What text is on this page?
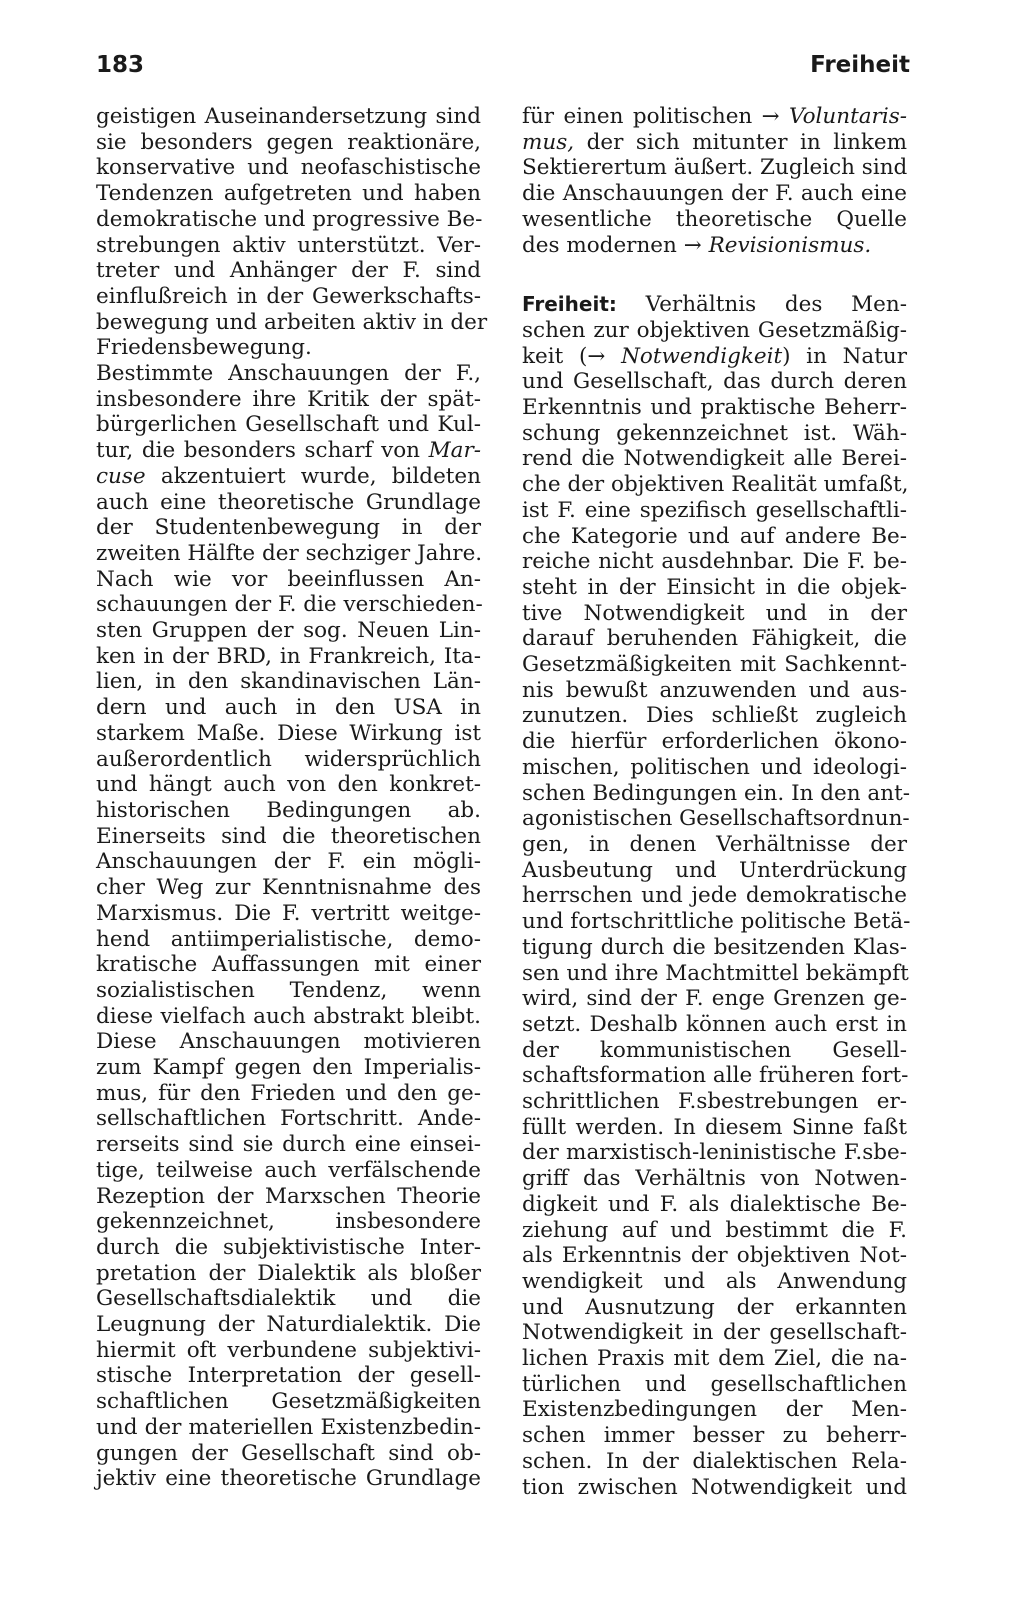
183	Freiheit
geistigen Auseinandersetzung sind
sie besonders gegen reaktionäre,
konservative und neofaschistische
Tendenzen aufgetreten und haben
demokratische und progressive Be-
strebungen aktiv unterstützt. Ver-
treter und Anhänger der F. sind
einflußreich in der Gewerkschafts-
bewegung und arbeiten aktiv in der
Friedensbewegung.
Bestimmte Anschauungen der F.,
insbesondere ihre Kritik der spät-
bürgerlichen Gesellschaft und Kul-
tur, die besonders scharf von Mar-
cuse akzentuiert wurde, bildeten
auch eine theoretische Grundlage
der Studentenbewegung in der
zweiten Hälfte der sechziger Jahre.
Nach wie vor beeinflussen An-
schauungen der F. die verschieden-
sten Gruppen der sog. Neuen Lin-
ken in der BRD, in Frankreich, Ita-
lien, in den skandinavischen Län-
dern und auch in den USA in
starkem Maße. Diese Wirkung ist
außerordentlich widersprüchlich
und hängt auch von den konkret-
historischen Bedingungen ab.
Einerseits sind die theoretischen
Anschauungen der F. ein mögli-
cher Weg zur Kenntnisnahme des
Marxismus. Die F. vertritt weitge-
hend antiimperialistische, demo-
kratische Auffassungen mit einer
sozialistischen Tendenz, wenn
diese vielfach auch abstrakt bleibt.
Diese Anschauungen motivieren
zum Kampf gegen den Imperialis-
mus, für den Frieden und den ge-
sellschaftlichen Fortschritt. Ande-
rerseits sind sie durch eine einsei-
tige, teilweise auch verfälschende
Rezeption der Marxschen Theorie
gekennzeichnet, insbesondere
durch die subjektivistische Inter-
pretation der Dialektik als bloßer
Gesellschaftsdialektik und die
Leugnung der Naturdialektik. Die
hiermit oft verbundene subjektivi-
stische Interpretation der gesell-
schaftlichen Gesetzmäßigkeiten
und der materiellen Existenzbedin-
gungen der Gesellschaft sind ob-
jektiv eine theoretische Grundlage
für einen politischen → Voluntaris-
mus, der sich mitunter in linkem
Sektierertum äußert. Zugleich sind
die Anschauungen der F. auch eine
wesentliche theoretische Quelle
des modernen → Revisionismus.
Freiheit: Verhältnis des Men-
schen zur objektiven Gesetzmäßig-
keit (→ Notwendigkeit) in Natur
und Gesellschaft, das durch deren
Erkenntnis und praktische Beherr-
schung gekennzeichnet ist. Wäh-
rend die Notwendigkeit alle Berei-
che der objektiven Realität umfaßt,
ist F. eine spezifisch gesellschaftli-
che Kategorie und auf andere Be-
reiche nicht ausdehnbar. Die F. be-
steht in der Einsicht in die objek-
tive Notwendigkeit und in der
darauf beruhenden Fähigkeit, die
Gesetzmäßigkeiten mit Sachkennt-
nis bewußt anzuwenden und aus-
zunutzen. Dies schließt zugleich
die hierfür erforderlichen ökono-
mischen, politischen und ideologi-
schen Bedingungen ein. In den ant-
agonistischen Gesellschaftsordnun-
gen, in denen Verhältnisse der
Ausbeutung und Unterdrückung
herrschen und jede demokratische
und fortschrittliche politische Betä-
tigung durch die besitzenden Klas-
sen und ihre Machtmittel bekämpft
wird, sind der F. enge Grenzen ge-
setzt. Deshalb können auch erst in
der kommunistischen Gesell-
schaftsformation alle früheren fort-
schrittlichen F.sbestrebungen er-
füllt werden. In diesem Sinne faßt
der marxistisch-leninistische F.sbe-
griff das Verhältnis von Notwen-
digkeit und F. als dialektische Be-
ziehung auf und bestimmt die F.
als Erkenntnis der objektiven Not-
wendigkeit und als Anwendung
und Ausnutzung der erkannten
Notwendigkeit in der gesellschaft-
lichen Praxis mit dem Ziel, die na-
türlichen und gesellschaftlichen
Existenzbedingungen der Men-
schen immer besser zu beherr-
schen. In der dialektischen Rela-
tion zwischen Notwendigkeit und
